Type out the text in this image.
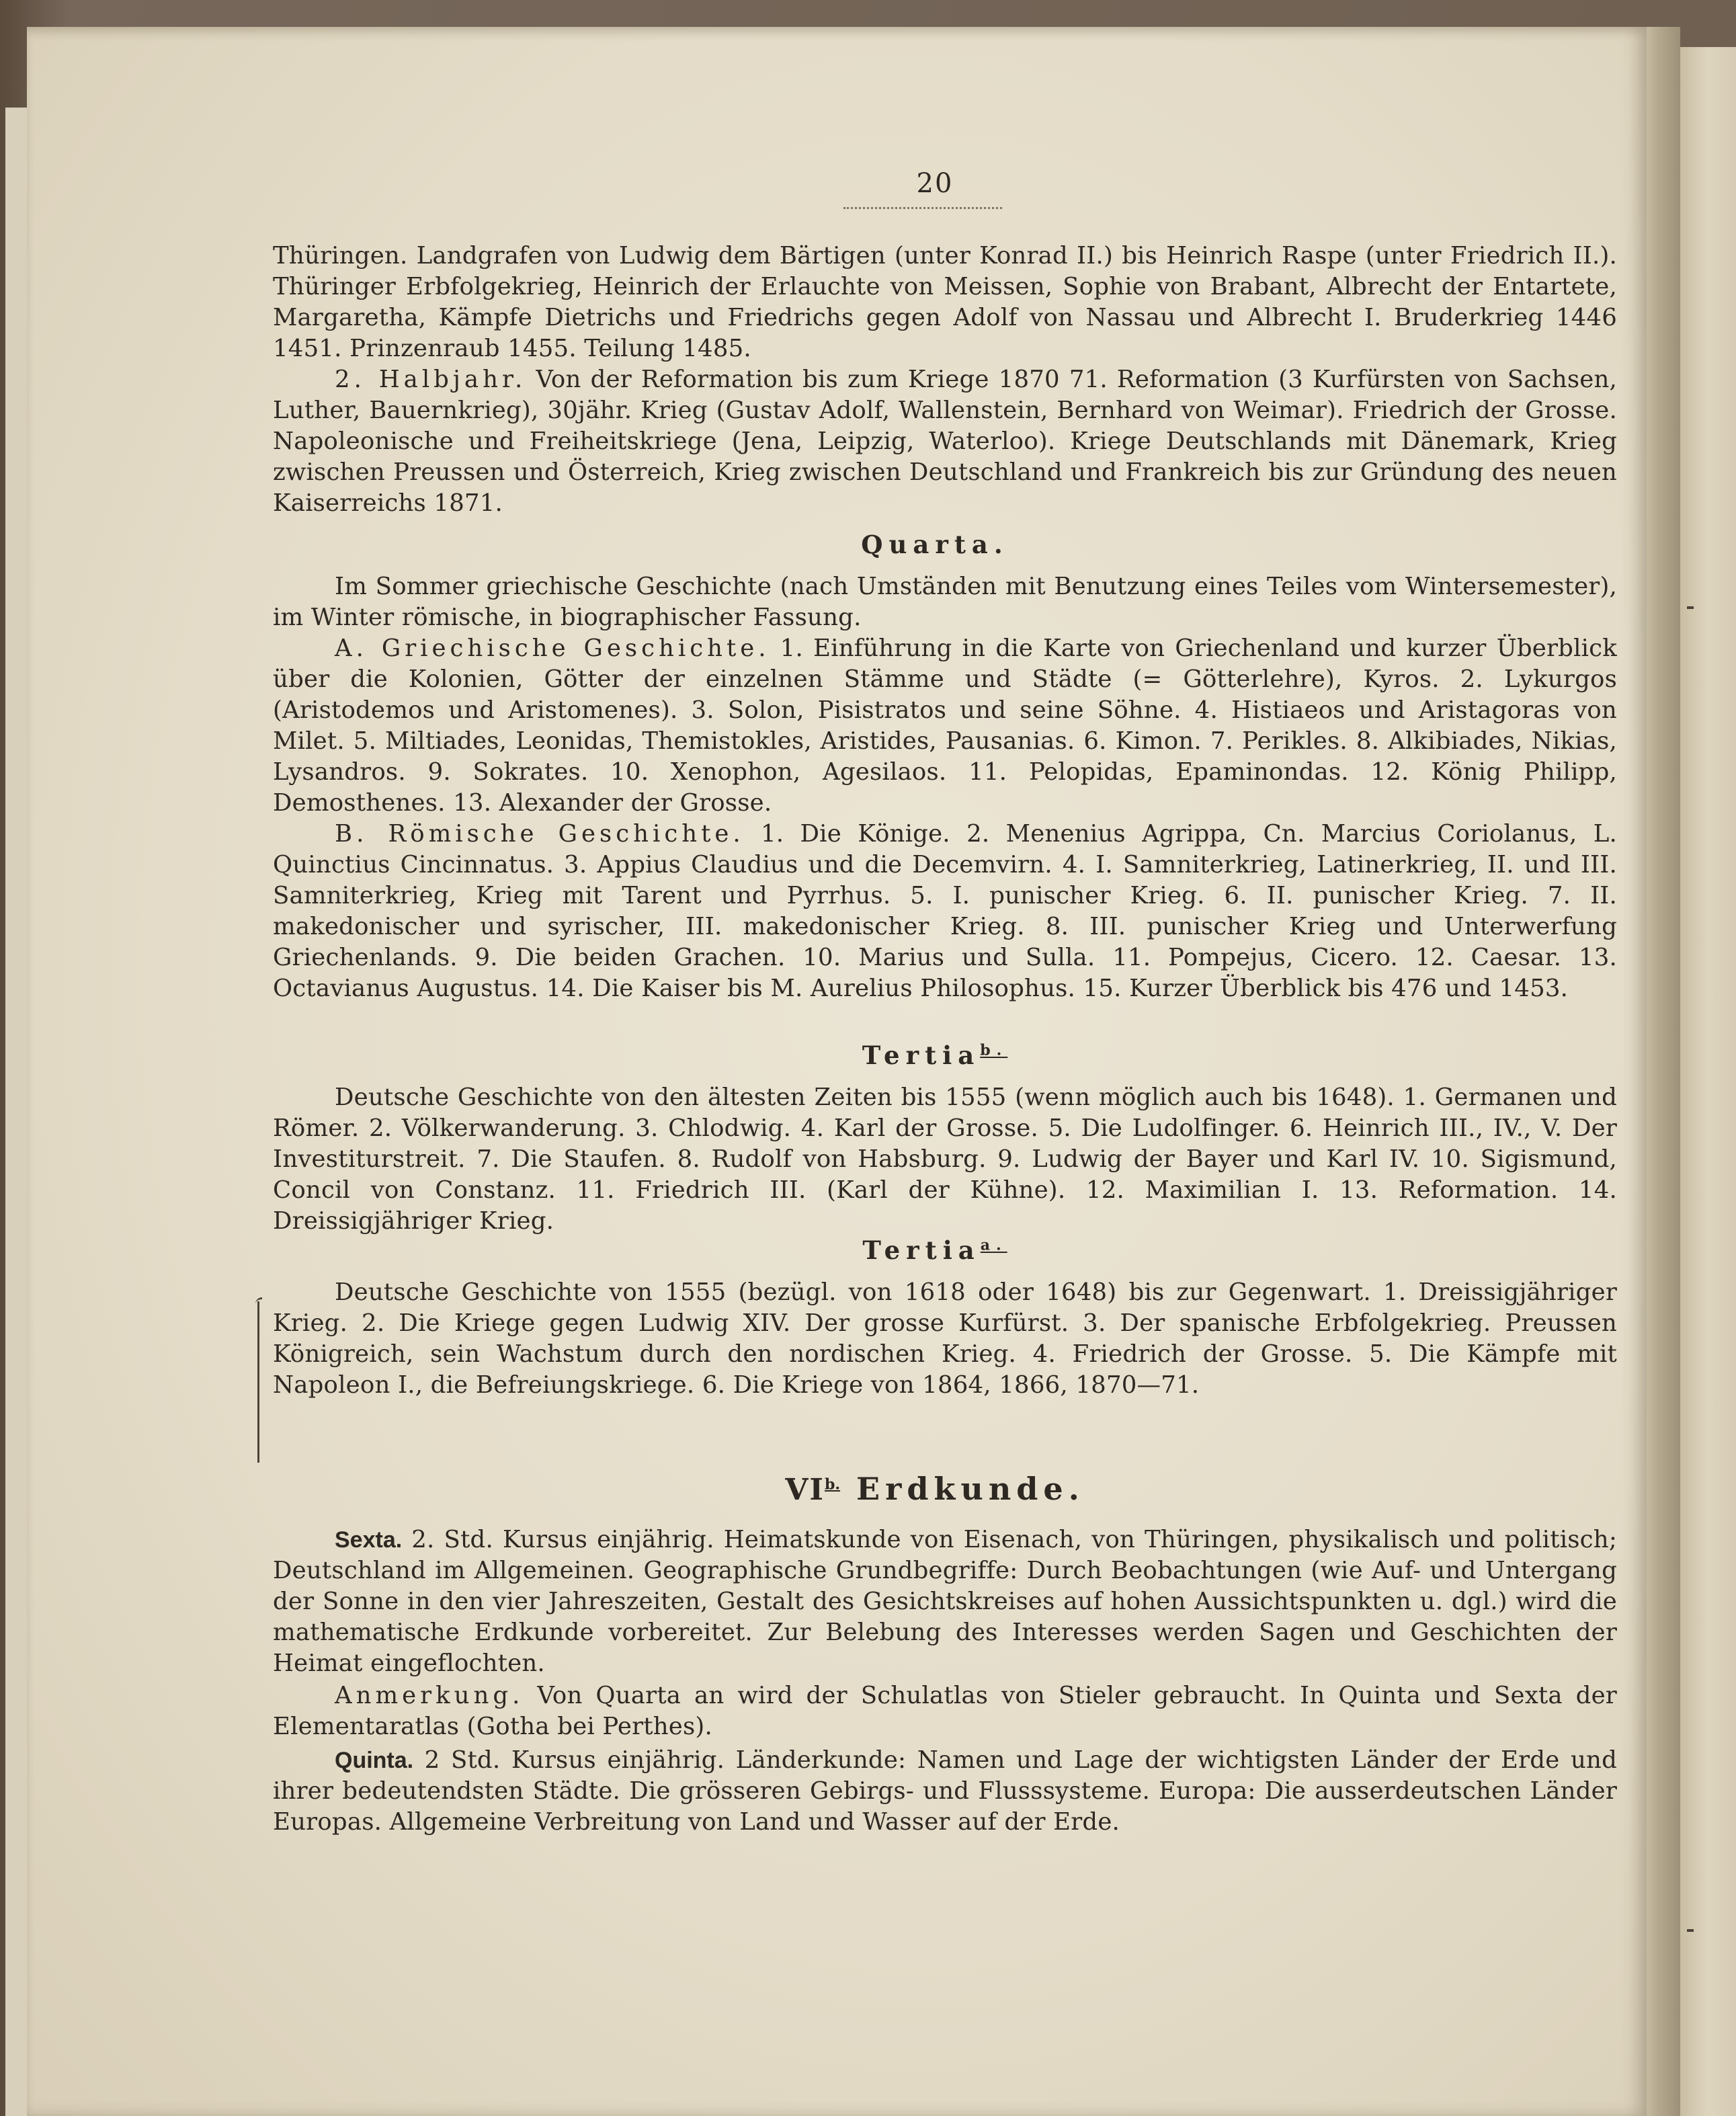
20

Thüringen. Landgrafen von Ludwig dem Bärtigen (unter Konrad II.) bis Heinrich Raspe (unter Friedrich II.). Thüringer Erbfolgekrieg, Heinrich der Erlauchte von Meissen, Sophie von Brabant, Albrecht der Entartete, Margaretha, Kämpfe Dietrichs und Friedrichs gegen Adolf von Nassau und Albrecht I. Bruderkrieg 1446 1451. Prinzenraub 1455. Teilung 1485.

2. Halbjahr. Von der Reformation bis zum Kriege 1870 71. Reformation (3 Kurfürsten von Sachsen, Luther, Bauernkrieg), 30jähr. Krieg (Gustav Adolf, Wallenstein, Bernhard von Weimar). Friedrich der Grosse. Napoleonische und Freiheitskriege (Jena, Leipzig, Waterloo). Kriege Deutschlands mit Dänemark, Krieg zwischen Preussen und Österreich, Krieg zwischen Deutschland und Frankreich bis zur Gründung des neuen Kaiserreichs 1871.

Quarta.

Im Sommer griechische Geschichte (nach Umständen mit Benutzung eines Teiles vom Wintersemester), im Winter römische, in biographischer Fassung.

A. Griechische Geschichte. 1. Einführung in die Karte von Griechenland und kurzer Überblick über die Kolonien, Götter der einzelnen Stämme und Städte (= Götterlehre), Kyros. 2. Lykurgos (Aristodemos und Aristomenes). 3. Solon, Pisistratos und seine Söhne. 4. Histiaeos und Aristagoras von Milet. 5. Miltiades, Leonidas, Themistokles, Aristides, Pausanias. 6. Kimon. 7. Perikles. 8. Alkibiades, Nikias, Lysandros. 9. Sokrates. 10. Xenophon, Agesilaos. 11. Pelopidas, Epaminondas. 12. König Philipp, Demosthenes. 13. Alexander der Grosse.

B. Römische Geschichte. 1. Die Könige. 2. Menenius Agrippa, Cn. Marcius Coriolanus, L. Quinctius Cincinnatus. 3. Appius Claudius und die Decemvirn. 4. I. Samniterkrieg, Latinerkrieg, II. und III. Samniterkrieg, Krieg mit Tarent und Pyrrhus. 5. I. punischer Krieg. 6. II. punischer Krieg. 7. II. makedonischer und syrischer, III. makedonischer Krieg. 8. III. punischer Krieg und Unterwerfung Griechenlands. 9. Die beiden Grachen. 10. Marius und Sulla. 11. Pompejus, Cicero. 12. Caesar. 13. Octavianus Augustus. 14. Die Kaiser bis M. Aurelius Philosophus. 15. Kurzer Überblick bis 476 und 1453.

Tertia$^{b.}$

Deutsche Geschichte von den ältesten Zeiten bis 1555 (wenn möglich auch bis 1648). 1. Germanen und Römer. 2. Völkerwanderung. 3. Chlodwig. 4. Karl der Grosse. 5. Die Ludolfinger. 6. Heinrich III., IV., V. Der Investiturstreit. 7. Die Staufen. 8. Rudolf von Habsburg. 9. Ludwig der Bayer und Karl IV. 10. Sigismund, Concil von Constanz. 11. Friedrich III. (Karl der Kühne). 12. Maximilian I. 13. Reformation. 14. Dreissigjähriger Krieg.

Tertia$^{a.}$

Deutsche Geschichte von 1555 (bezügl. von 1618 oder 1648) bis zur Gegenwart. 1. Dreissigjähriger Krieg. 2. Die Kriege gegen Ludwig XIV. Der grosse Kurfürst. 3. Der spanische Erbfolgekrieg. Preussen Königreich, sein Wachstum durch den nordischen Krieg. 4. Friedrich der Grosse. 5. Die Kämpfe mit Napoleon I., die Befreiungskriege. 6. Die Kriege von 1864, 1866, 1870—71.

$VI^{b.}$ Erdkunde.

Sexta. 2. Std. Kursus einjährig. Heimatskunde von Eisenach, von Thüringen, physikalisch und politisch; Deutschland im Allgemeinen. Geographische Grundbegriffe: Durch Beobachtungen (wie Auf- und Untergang der Sonne in den vier Jahreszeiten, Gestalt des Gesichtskreises auf hohen Aussichtspunkten u. dgl.) wird die mathematische Erdkunde vorbereitet. Zur Belebung des Interesses werden Sagen und Geschichten der Heimat eingeflochten.

Anmerkung. Von Quarta an wird der Schulatlas von Stieler gebraucht. In Quinta und Sexta der Elementaratlas (Gotha bei Perthes).

Quinta. 2 Std. Kursus einjährig. Länderkunde: Namen und Lage der wichtigsten Länder der Erde und ihrer bedeutendsten Städte. Die grösseren Gebirgs- und Flusssysteme. Europa: Die ausserdeutschen Länder Europas. Allgemeine Verbreitung von Land und Wasser auf der Erde.
